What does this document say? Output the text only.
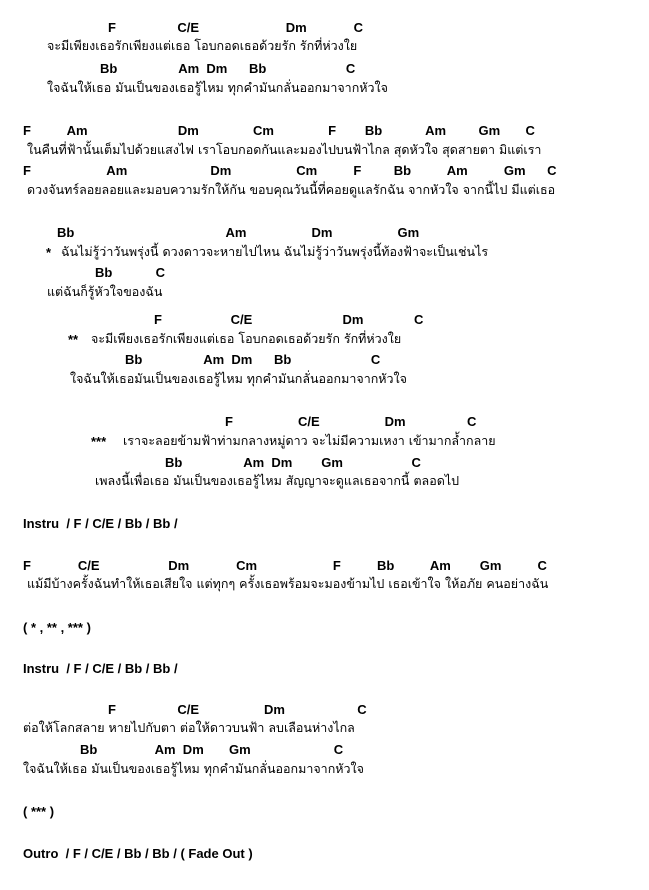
F                 C/E                        Dm             C
จะมีเพียงเธอรักเพียงแต่เธอ โอบกอดเธอด้วยรัก รักที่ห่วงใย
Bb                 Am  Dm      Bb                      C
ใจฉันให้เธอ มันเป็นของเธอรู้ไหม ทุกคำมันกลั่นออกมาจากหัวใจ
F          Am                         Dm               Cm               F        Bb            Am         Gm       C
ในคืนที่ฟ้านั้นเต็มไปด้วยแสงไฟ เราโอบกอดกันและมองไปบนฟ้าไกล สุดหัวใจ สุดสายตา มิแต่เรา
F                     Am                       Dm                  Cm          F         Bb          Am          Gm      C
ดวงจันทร์ลอยลอยและมอบความรักให้กัน ขอบคุณวันนี้ที่คอยดูแลรักฉัน จากหัวใจ จากนี้ไป มีแต่เธอ
Bb                                          Am                  Dm                  Gm
* ฉันไม่รู้ว่าวันพรุ่งนี้ ดวงดาวจะหายไปไหน ฉันไม่รู้ว่าวันพรุ่งนี้ท้องฟ้าจะเป็นเช่นไร
Bb            C
แต่ฉันก็รู้หัวใจของฉัน
F                   C/E                         Dm              C
** จะมีเพียงเธอรักเพียงแต่เธอ โอบกอดเธอด้วยรัก รักที่ห่วงใย
Bb                 Am  Dm      Bb                      C
ใจฉันให้เธอมันเป็นของเธอรู้ไหม ทุกคำมันกลั่นออกมาจากหัวใจ
F                  C/E                  Dm                 C
*** เราจะลอยข้ามฟ้าท่ามกลางหมู่ดาว จะไม่มีความเหงา เข้ามากล้ำกลาย
Bb                 Am  Dm        Gm                   C
เพลงนี้เพื่อเธอ มันเป็นของเธอรู้ไหม สัญญาจะดูแลเธอจากนี้ ตลอดไป
Instru  / F / C/E / Bb / Bb /
F             C/E                   Dm             Cm                     F          Bb          Am        Gm          C
แม้มีบ้างครั้งฉันทำให้เธอเสียใจ แต่ทุกๆ ครั้งเธอพร้อมจะมองข้ามไป เธอเข้าใจ ให้อภัย คนอย่างฉัน
( * , ** , *** )
Instru  / F / C/E / Bb / Bb /
F                 C/E                  Dm                    C
ต่อให้โลกสลาย หายไปกับตา ต่อให้ดาวบนฟ้า ลบเลือนห่างไกล
Bb                Am  Dm       Gm                       C
ใจฉันให้เธอ มันเป็นของเธอรู้ไหม ทุกคำมันกลั่นออกมาจากหัวใจ
( *** )
Outro  / F / C/E / Bb / Bb / ( Fade Out )
